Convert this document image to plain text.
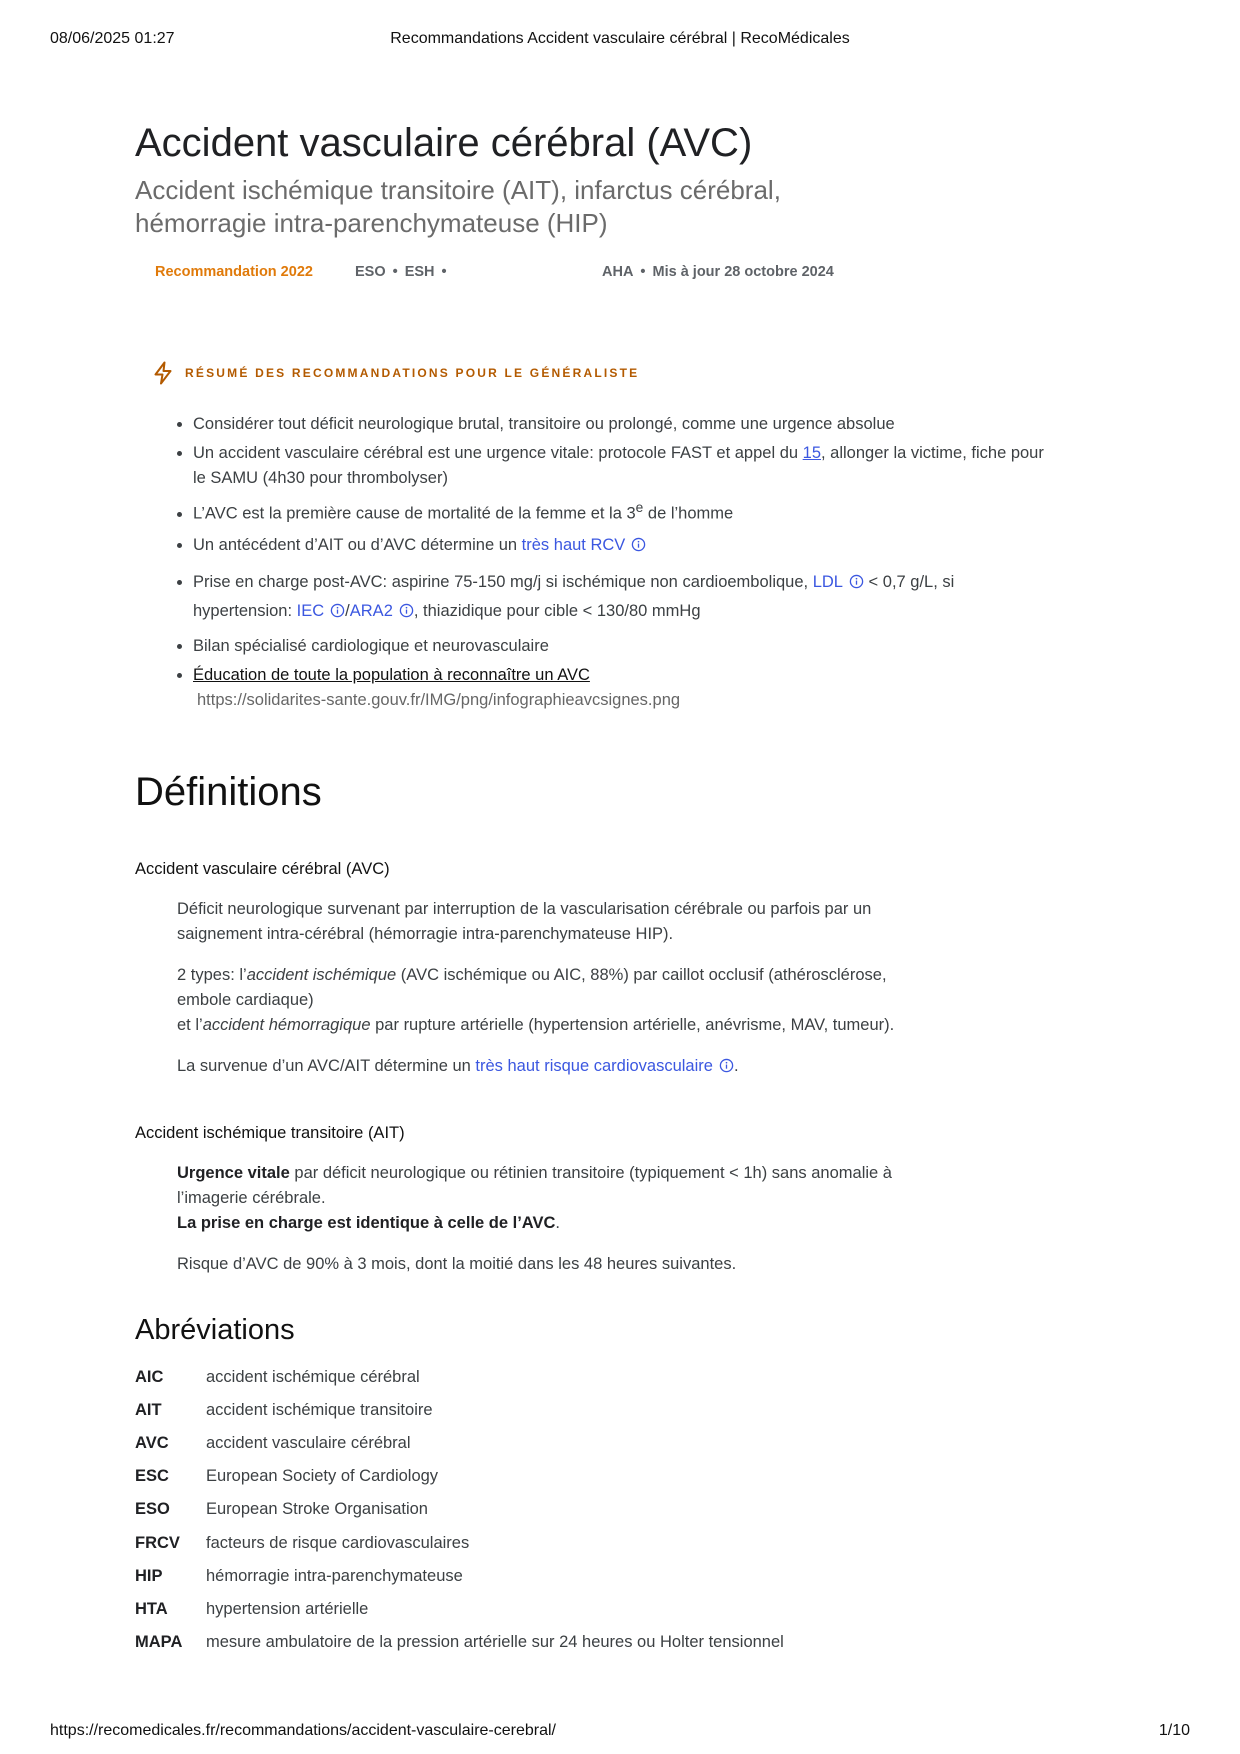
08/06/2025 01:27	Recommandations Accident vasculaire cérébral | RecoMédicales
Accident vasculaire cérébral (AVC)
Accident ischémique transitoire (AIT), infarctus cérébral, hémorragie intra-parenchymateuse (HIP)
Recommandation 2022	ESO • ESH •	AHA • Mis à jour 28 octobre 2024
RÉSUMÉ DES RECOMMANDATIONS POUR LE GÉNÉRALISTE
• Considérer tout déficit neurologique brutal, transitoire ou prolongé, comme une urgence absolue
• Un accident vasculaire cérébral est une urgence vitale: protocole FAST et appel du 15, allonger la victime, fiche pour le SAMU (4h30 pour thrombolyser)
• L’AVC est la première cause de mortalité de la femme et la 3e de l’homme
• Un antécédent d’AIT ou d’AVC détermine un très haut RCV
• Prise en charge post-AVC: aspirine 75-150 mg/j si ischémique non cardioembolique, LDL < 0,7 g/L, si hypertension: IEC /ARA2 , thiazidique pour cible < 130/80 mmHg
• Bilan spécialisé cardiologique et neurovasculaire
• Éducation de toute la population à reconnaître un AVC
https://solidarites-sante.gouv.fr/IMG/png/infographieavcsignes.png
Définitions
Accident vasculaire cérébral (AVC)

Déficit neurologique survenant par interruption de la vascularisation cérébrale ou parfois par un saignement intra-cérébral (hémorragie intra-parenchymateuse HIP).

2 types: l’accident ischémique (AVC ischémique ou AIC, 88%) par caillot occlusif (athérosclérose, embole cardiaque)
et l’accident hémorragique par rupture artérielle (hypertension artérielle, anévrisme, MAV, tumeur).

La survenue d’un AVC/AIT détermine un très haut risque cardiovasculaire .

Accident ischémique transitoire (AIT)

Urgence vitale par déficit neurologique ou rétinien transitoire (typiquement < 1h) sans anomalie à l’imagerie cérébrale.
La prise en charge est identique à celle de l’AVC.

Risque d’AVC de 90% à 3 mois, dont la moitié dans les 48 heures suivantes.

Abréviations
AIC	accident ischémique cérébral
AIT	accident ischémique transitoire
AVC	accident vasculaire cérébral
ESC	European Society of Cardiology
ESO	European Stroke Organisation
FRCV	facteurs de risque cardiovasculaires
HIP	hémorragie intra-parenchymateuse
HTA	hypertension artérielle
MAPA	mesure ambulatoire de la pression artérielle sur 24 heures ou Holter tensionnel
https://recomedicales.fr/recommandations/accident-vasculaire-cerebral/	1/10
